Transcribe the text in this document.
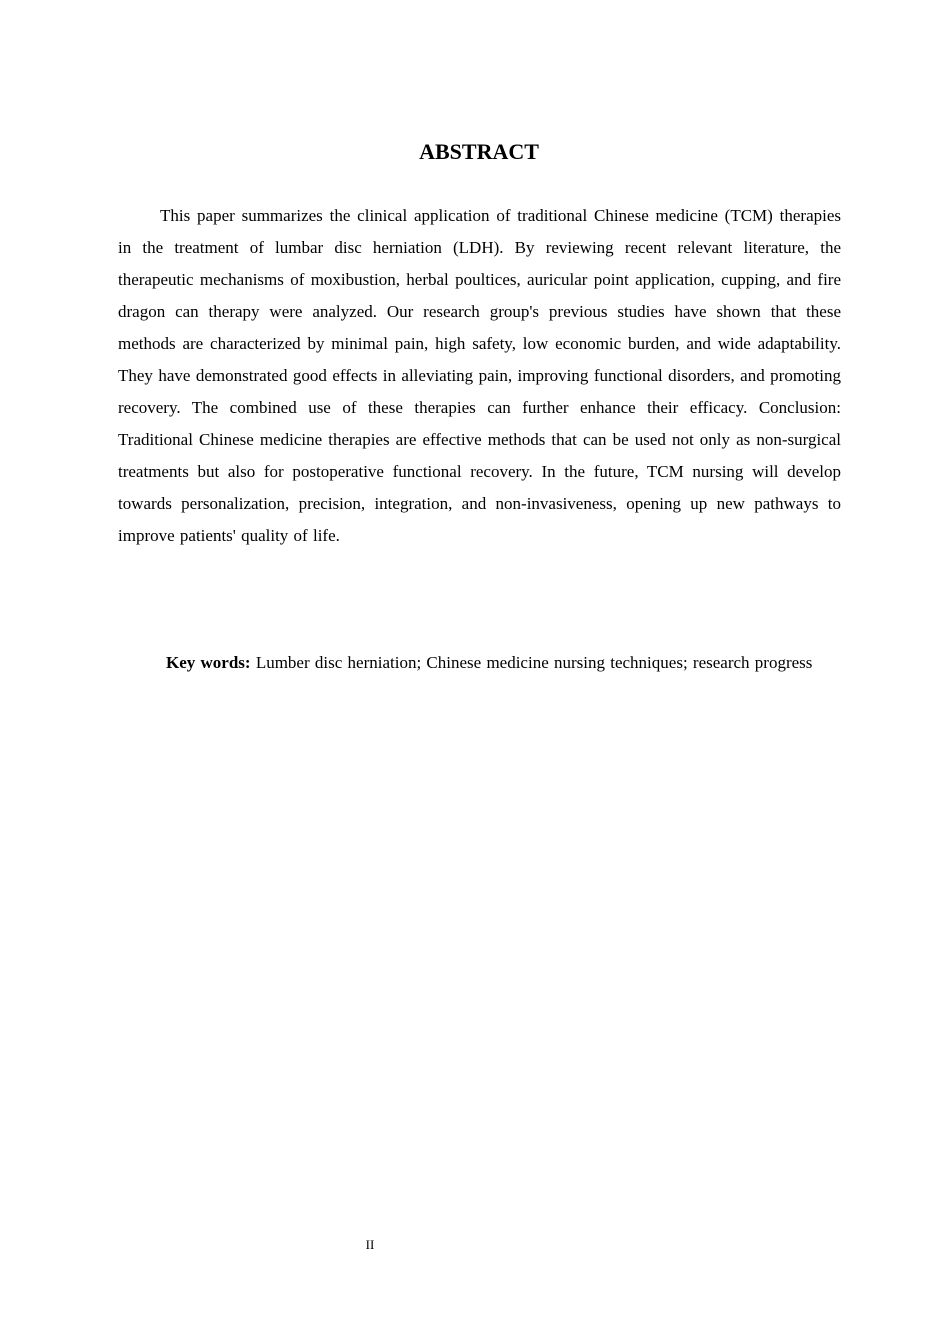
ABSTRACT

This paper summarizes the clinical application of traditional Chinese medicine (TCM) therapies in the treatment of lumbar disc herniation (LDH). By reviewing recent relevant literature, the therapeutic mechanisms of moxibustion, herbal poultices, auricular point application, cupping, and fire dragon can therapy were analyzed. Our research group's previous studies have shown that these methods are characterized by minimal pain, high safety, low economic burden, and wide adaptability. They have demonstrated good effects in alleviating pain, improving functional disorders, and promoting recovery. The combined use of these therapies can further enhance their efficacy. Conclusion: Traditional Chinese medicine therapies are effective methods that can be used not only as non-surgical treatments but also for postoperative functional recovery. In the future, TCM nursing will develop towards personalization, precision, integration, and non-invasiveness, opening up new pathways to improve patients' quality of life.

Key words: Lumber disc herniation; Chinese medicine nursing techniques; research progress

II
